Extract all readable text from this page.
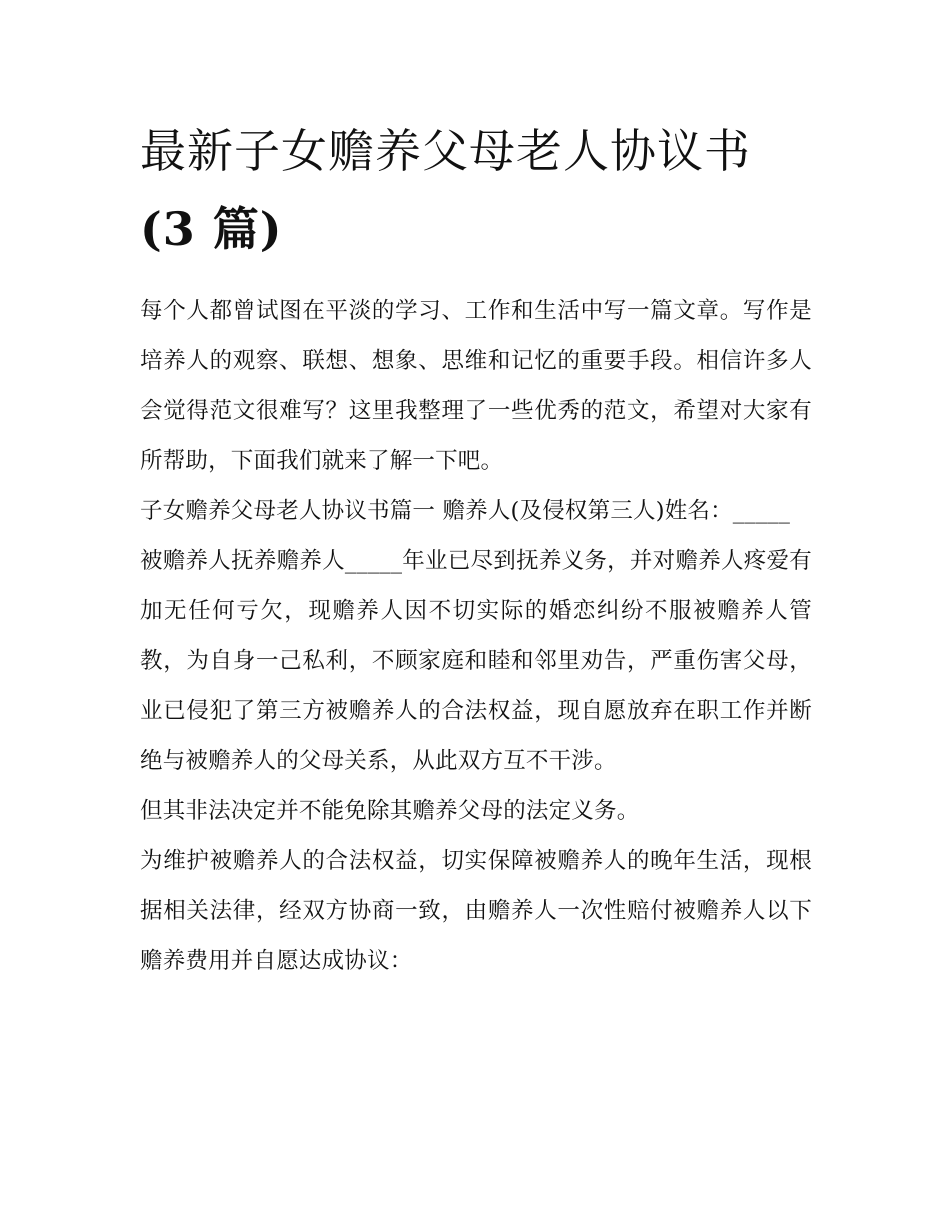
最新子女赡养父母老人协议书
(3 篇)

每个人都曾试图在平淡的学习、工作和生活中写一篇文章。写作是培养人的观察、联想、想象、思维和记忆的重要手段。相信许多人会觉得范文很难写？这里我整理了一些优秀的范文，希望对大家有所帮助，下面我们就来了解一下吧。

子女赡养父母老人协议书篇一 赡养人(及侵权第三人)姓名：_____

被赡养人抚养赡养人_____年业已尽到抚养义务，并对赡养人疼爱有加无任何亏欠，现赡养人因不切实际的婚恋纠纷不服被赡养人管教，为自身一己私利，不顾家庭和睦和邻里劝告，严重伤害父母，业已侵犯了第三方被赡养人的合法权益，现自愿放弃在职工作并断绝与被赡养人的父母关系，从此双方互不干涉。

但其非法决定并不能免除其赡养父母的法定义务。

为维护被赡养人的合法权益，切实保障被赡养人的晚年生活，现根据相关法律，经双方协商一致，由赡养人一次性赔付被赡养人以下赡养费用并自愿达成协议：
